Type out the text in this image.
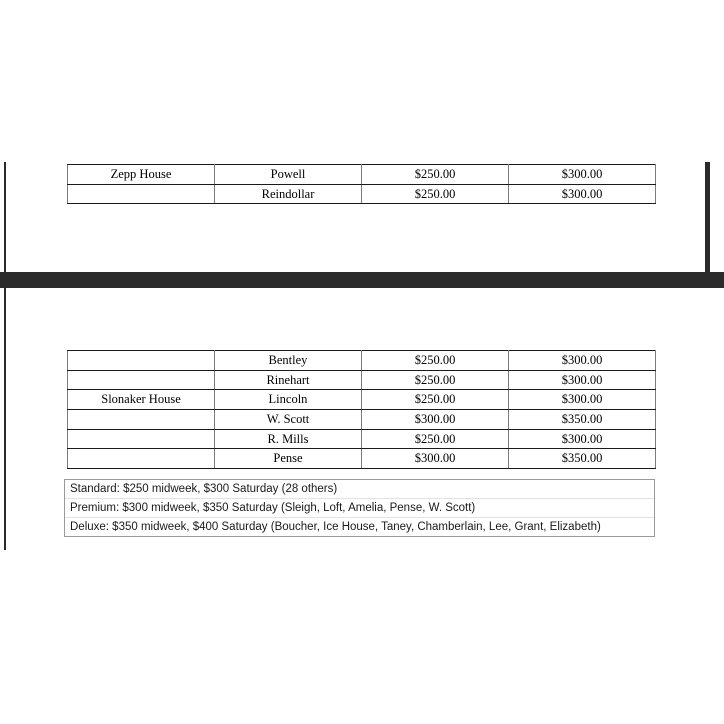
Zepp House	Powell	$250.00	$300.00
	Reindollar	$250.00	$300.00
	Bentley	$250.00	$300.00
	Rinehart	$250.00	$300.00
Slonaker House	Lincoln	$250.00	$300.00
	W. Scott	$300.00	$350.00
	R. Mills	$250.00	$300.00
	Pense	$300.00	$350.00
Standard: $250 midweek, $300 Saturday (28 others)
Premium: $300 midweek, $350 Saturday (Sleigh, Loft, Amelia, Pense, W. Scott)
Deluxe: $350 midweek, $400 Saturday (Boucher, Ice House, Taney, Chamberlain, Lee, Grant, Elizabeth)
